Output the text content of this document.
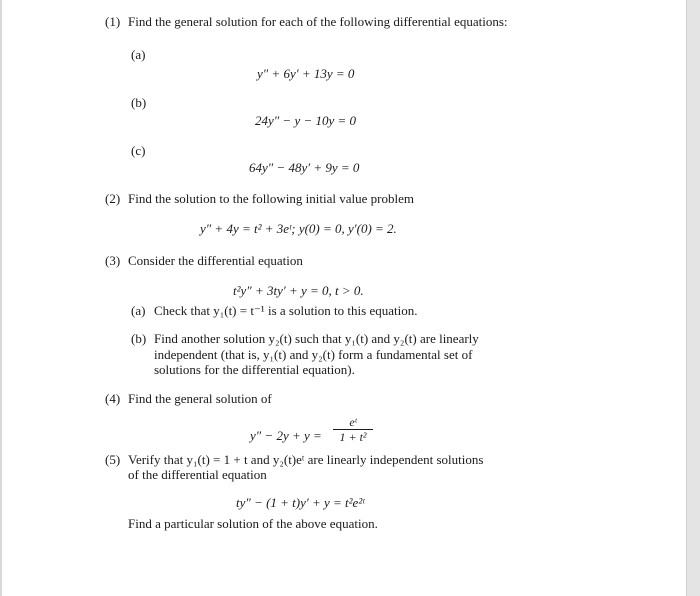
(1) Find the general solution for each of the following differential equations:
(a)
y″ + 6y′ + 13y = 0
(b)
24y″ − y − 10y = 0
(c)
64y″ − 48y′ + 9y = 0
(2) Find the solution to the following initial value problem
y″ + 4y = t² + 3eᵗ; y(0) = 0, y′(0) = 2.
(3) Consider the differential equation
t²y″ + 3ty′ + y = 0, t > 0.
(a) Check that y₁(t) = t⁻¹ is a solution to this equation.
(b) Find another solution y₂(t) such that y₁(t) and y₂(t) are linearly
independent (that is, y₁(t) and y₂(t) form a fundamental set of
solutions for the differential equation).
(4) Find the general solution of
y″ − 2y + y =
eᵗ
1 + t²
(5) Verify that y₁(t) = 1 + t and y₂(t)eᵗ are linearly independent solutions
of the differential equation
ty″ − (1 + t)y′ + y = t²e²ᵗ
Find a particular solution of the above equation.
